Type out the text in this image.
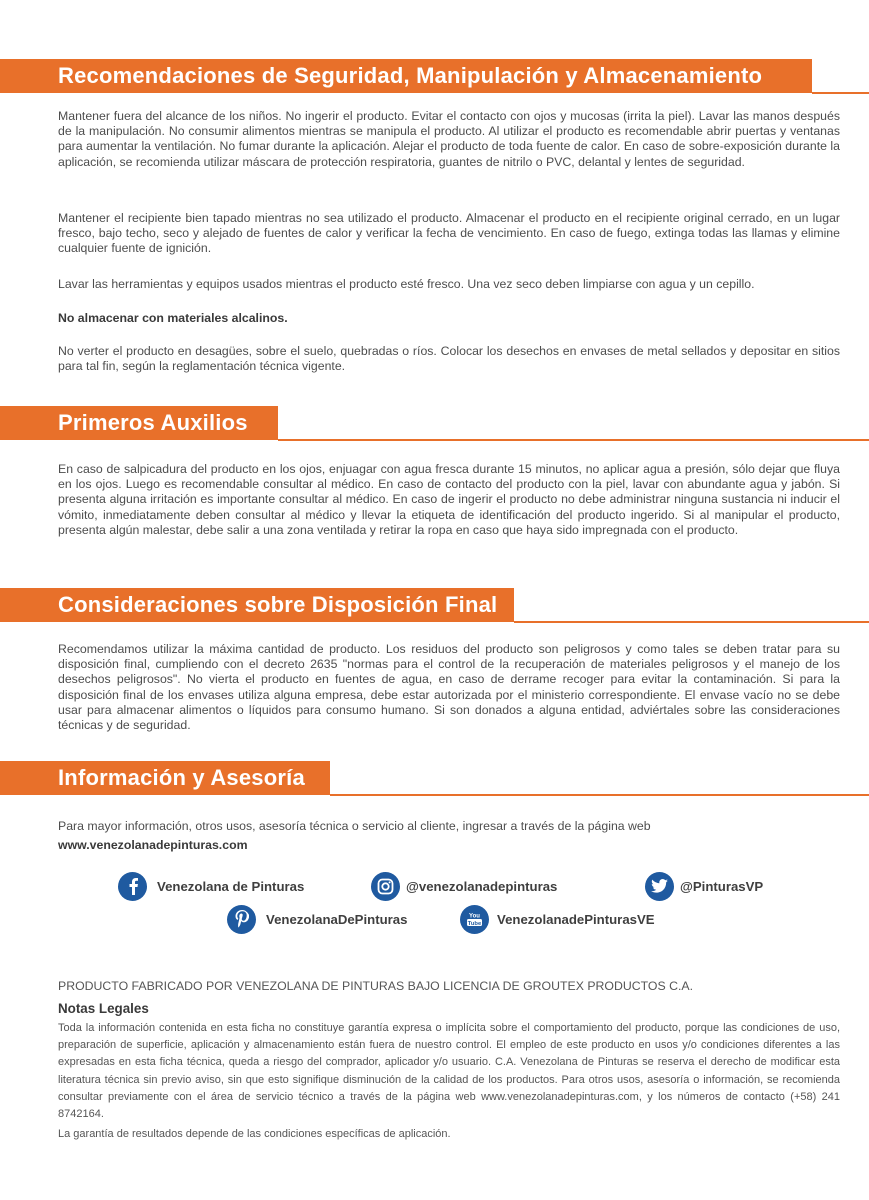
Recomendaciones de Seguridad, Manipulación y Almacenamiento

Mantener fuera del alcance de los niños. No ingerir el producto. Evitar el contacto con ojos y mucosas (irrita la piel). Lavar las manos después de la manipulación. No consumir alimentos mientras se manipula el producto. Al utilizar el producto es recomendable abrir puertas y ventanas para aumentar la ventilación. No fumar durante la aplicación. Alejar el producto de toda fuente de calor. En caso de sobre-exposición durante la aplicación, se recomienda utilizar máscara de protección respiratoria, guantes de nitrilo o PVC, delantal y lentes de seguridad.

Mantener el recipiente bien tapado mientras no sea utilizado el producto. Almacenar el producto en el recipiente original cerrado, en un lugar fresco, bajo techo, seco y alejado de fuentes de calor y verificar la fecha de vencimiento. En caso de fuego, extinga todas las llamas y elimine cualquier fuente de ignición.

Lavar las herramientas y equipos usados mientras el producto esté fresco. Una vez seco deben limpiarse con agua y un cepillo.

No almacenar con materiales alcalinos.

No verter el producto en desagües, sobre el suelo, quebradas o ríos. Colocar los desechos en envases de metal sellados y depositar en sitios para tal fin, según la reglamentación técnica vigente.

Primeros Auxilios

En caso de salpicadura del producto en los ojos, enjuagar con agua fresca durante 15 minutos, no aplicar agua a presión, sólo dejar que fluya en los ojos. Luego es recomendable consultar al médico. En caso de contacto del producto con la piel, lavar con abundante agua y jabón. Si presenta alguna irritación es importante consultar al médico. En caso de ingerir el producto no debe administrar ninguna sustancia ni inducir el vómito, inmediatamente deben consultar al médico y llevar la etiqueta de identificación del producto ingerido. Si al manipular el producto, presenta algún malestar, debe salir a una zona ventilada y retirar la ropa en caso que haya sido impregnada con el producto.

Consideraciones sobre Disposición Final

Recomendamos utilizar la máxima cantidad de producto. Los residuos del producto son peligrosos y como tales se deben tratar para su disposición final, cumpliendo con el decreto 2635 "normas para el control de la recuperación de materiales peligrosos y el manejo de los desechos peligrosos". No vierta el producto en fuentes de agua, en caso de derrame recoger para evitar la contaminación. Si para la disposición final de los envases utiliza alguna empresa, debe estar autorizada por el ministerio correspondiente. El envase vacío no se debe usar para almacenar alimentos o líquidos para consumo humano. Si son donados a alguna entidad, adviértales sobre las consideraciones técnicas y de seguridad.

Información y Asesoría

Para mayor información, otros usos, asesoría técnica o servicio al cliente, ingresar a través de la página web

www.venezolanadepinturas.com
Venezolana de Pinturas	@venezolanadepinturas	@PinturasVP
VenezolanaDePinturas	You
Tube VenezolanadePinturasVE

PRODUCTO FABRICADO POR VENEZOLANA DE PINTURAS BAJO LICENCIA DE GROUTEX PRODUCTOS C.A.

Notas Legales

Toda la información contenida en esta ficha no constituye garantía expresa o implícita sobre el comportamiento del producto, porque las condiciones de uso, preparación de superficie, aplicación y almacenamiento están fuera de nuestro control. El empleo de este producto en usos y/o condiciones diferentes a las expresadas en esta ficha técnica, queda a riesgo del comprador, aplicador y/o usuario. C.A. Venezolana de Pinturas se reserva el derecho de modificar esta literatura técnica sin previo aviso, sin que esto signifique disminución de la calidad de los productos. Para otros usos, asesoría o información, se recomienda consultar previamente con el área de servicio técnico a través de la página web www.venezolanadepinturas.com, y los números de contacto (+58) 241 8742164.

La garantía de resultados depende de las condiciones específicas de aplicación.
